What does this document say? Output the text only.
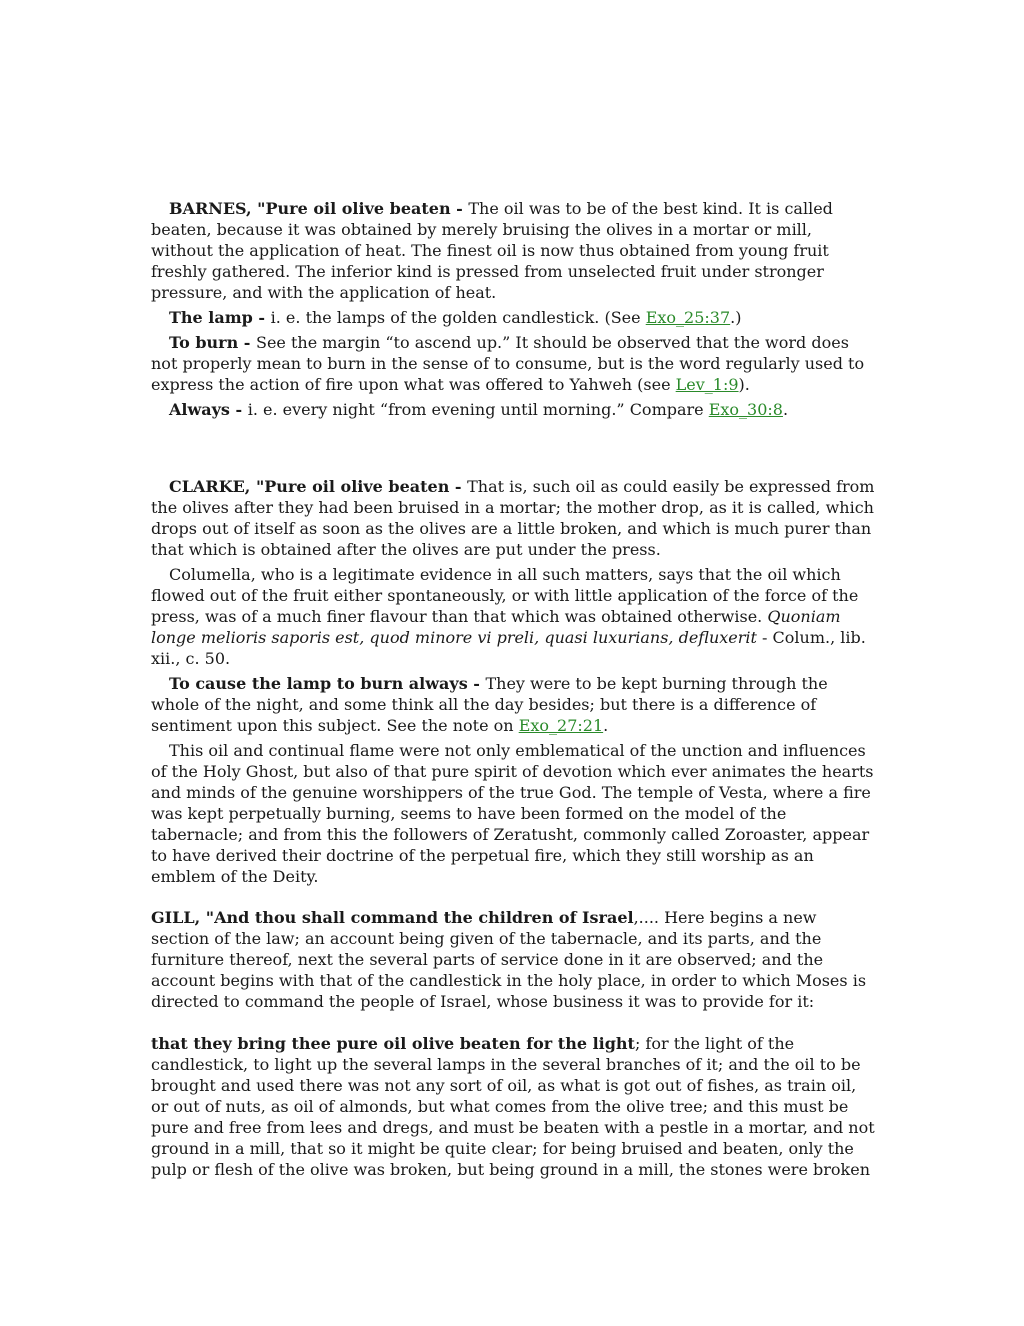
BARNES, "Pure oil olive beaten - The oil was to be of the best kind. It is called beaten, because it was obtained by merely bruising the olives in a mortar or mill, without the application of heat. The finest oil is now thus obtained from young fruit freshly gathered. The inferior kind is pressed from unselected fruit under stronger pressure, and with the application of heat.

The lamp - i. e. the lamps of the golden candlestick. (See Exo_25:37.)

To burn - See the margin “to ascend up.” It should be observed that the word does not properly mean to burn in the sense of to consume, but is the word regularly used to express the action of fire upon what was offered to Yahweh (see Lev_1:9).

Always - i. e. every night “from evening until morning.” Compare Exo_30:8.

CLARKE, "Pure oil olive beaten - That is, such oil as could easily be expressed from the olives after they had been bruised in a mortar; the mother drop, as it is called, which drops out of itself as soon as the olives are a little broken, and which is much purer than that which is obtained after the olives are put under the press.

Columella, who is a legitimate evidence in all such matters, says that the oil which flowed out of the fruit either spontaneously, or with little application of the force of the press, was of a much finer flavour than that which was obtained otherwise. Quoniam longe melioris saporis est, quod minore vi preli, quasi luxurians, defluxerit - Colum., lib. xii., c. 50.

To cause the lamp to burn always - They were to be kept burning through the whole of the night, and some think all the day besides; but there is a difference of sentiment upon this subject. See the note on Exo_27:21.

This oil and continual flame were not only emblematical of the unction and influences of the Holy Ghost, but also of that pure spirit of devotion which ever animates the hearts and minds of the genuine worshippers of the true God. The temple of Vesta, where a fire was kept perpetually burning, seems to have been formed on the model of the tabernacle; and from this the followers of Zeratusht, commonly called Zoroaster, appear to have derived their doctrine of the perpetual fire, which they still worship as an emblem of the Deity.

GILL, "And thou shall command the children of Israel,.... Here begins a new section of the law; an account being given of the tabernacle, and its parts, and the furniture thereof, next the several parts of service done in it are observed; and the account begins with that of the candlestick in the holy place, in order to which Moses is directed to command the people of Israel, whose business it was to provide for it:

that they bring thee pure oil olive beaten for the light; for the light of the candlestick, to light up the several lamps in the several branches of it; and the oil to be brought and used there was not any sort of oil, as what is got out of fishes, as train oil, or out of nuts, as oil of almonds, but what comes from the olive tree; and this must be pure and free from lees and dregs, and must be beaten with a pestle in a mortar, and not ground in a mill, that so it might be quite clear; for being bruised and beaten, only the pulp or flesh of the olive was broken, but being ground in a mill, the stones were broken
